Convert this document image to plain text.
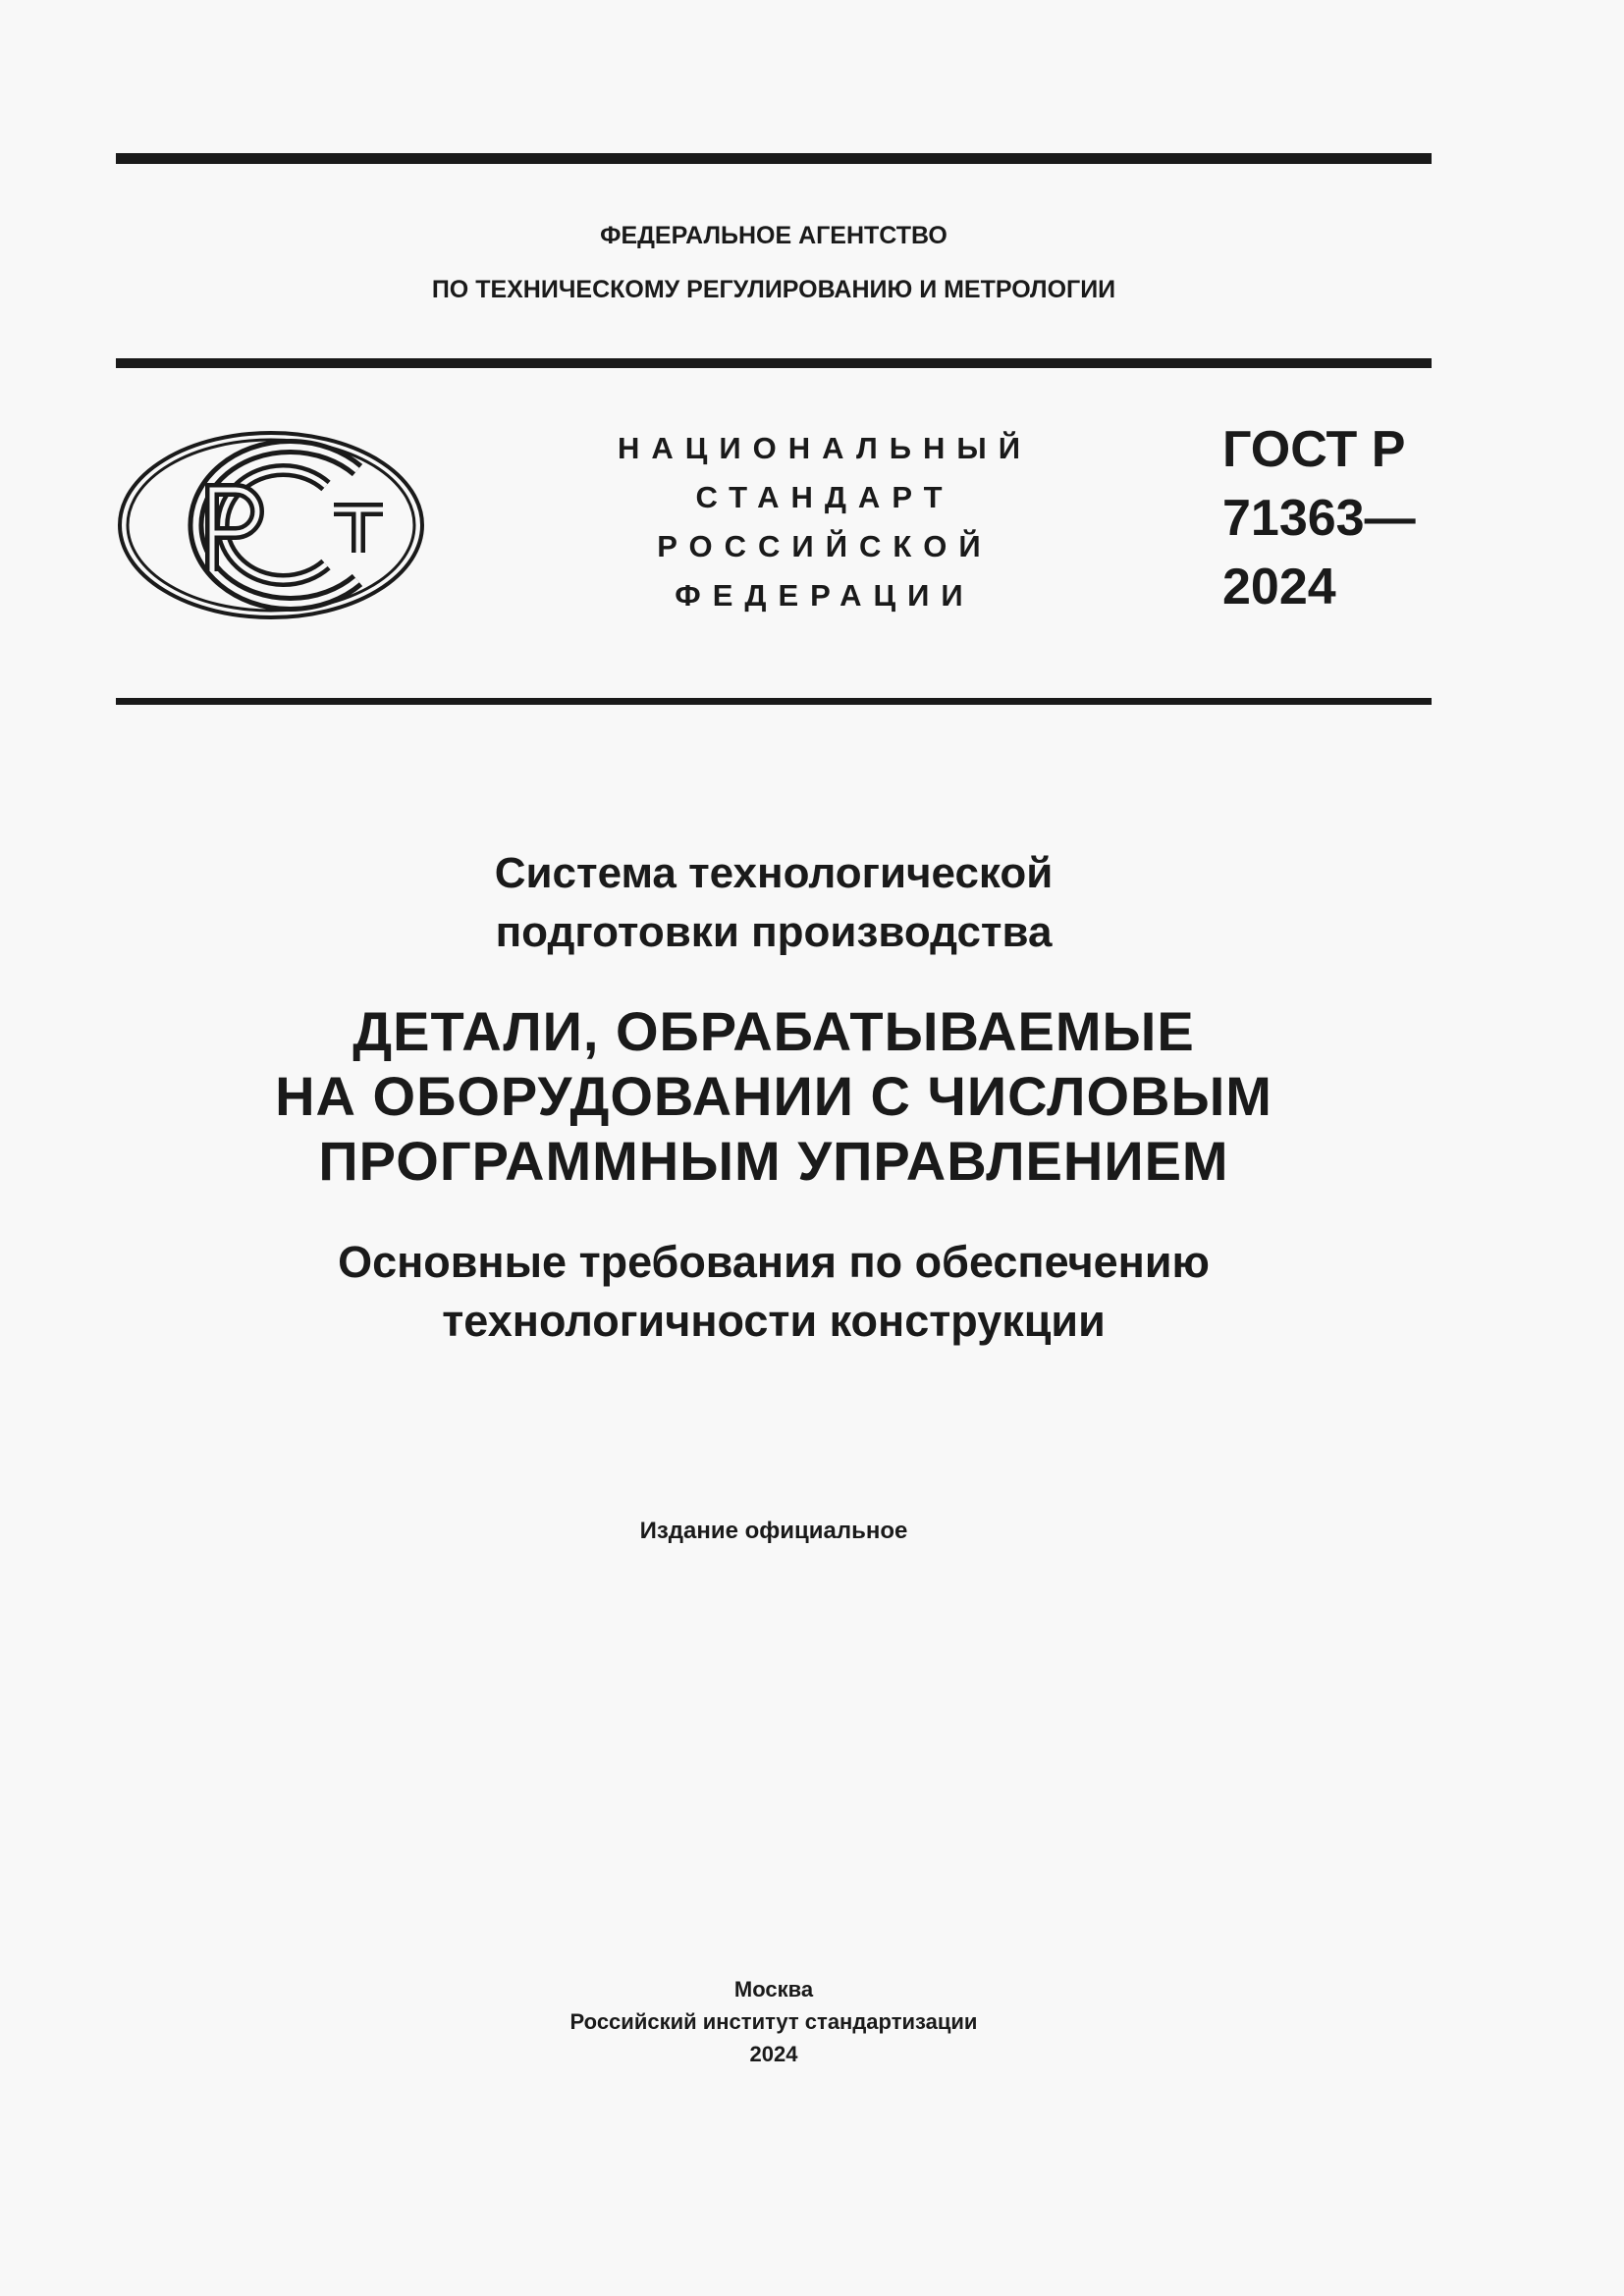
ФЕДЕРАЛЬНОЕ АГЕНТСТВО
ПО ТЕХНИЧЕСКОМУ РЕГУЛИРОВАНИЮ И МЕТРОЛОГИИ
НАЦИОНАЛЬНЫЙ
СТАНДАРТ
РОССИЙСКОЙ
ФЕДЕРАЦИИ
ГОСТ Р
71363—
2024
Система технологической
подготовки производства
ДЕТАЛИ, ОБРАБАТЫВАЕМЫЕ
НА ОБОРУДОВАНИИ С ЧИСЛОВЫМ
ПРОГРАММНЫМ УПРАВЛЕНИЕМ
Основные требования по обеспечению
технологичности конструкции
Издание официальное
Москва
Российский институт стандартизации
2024
